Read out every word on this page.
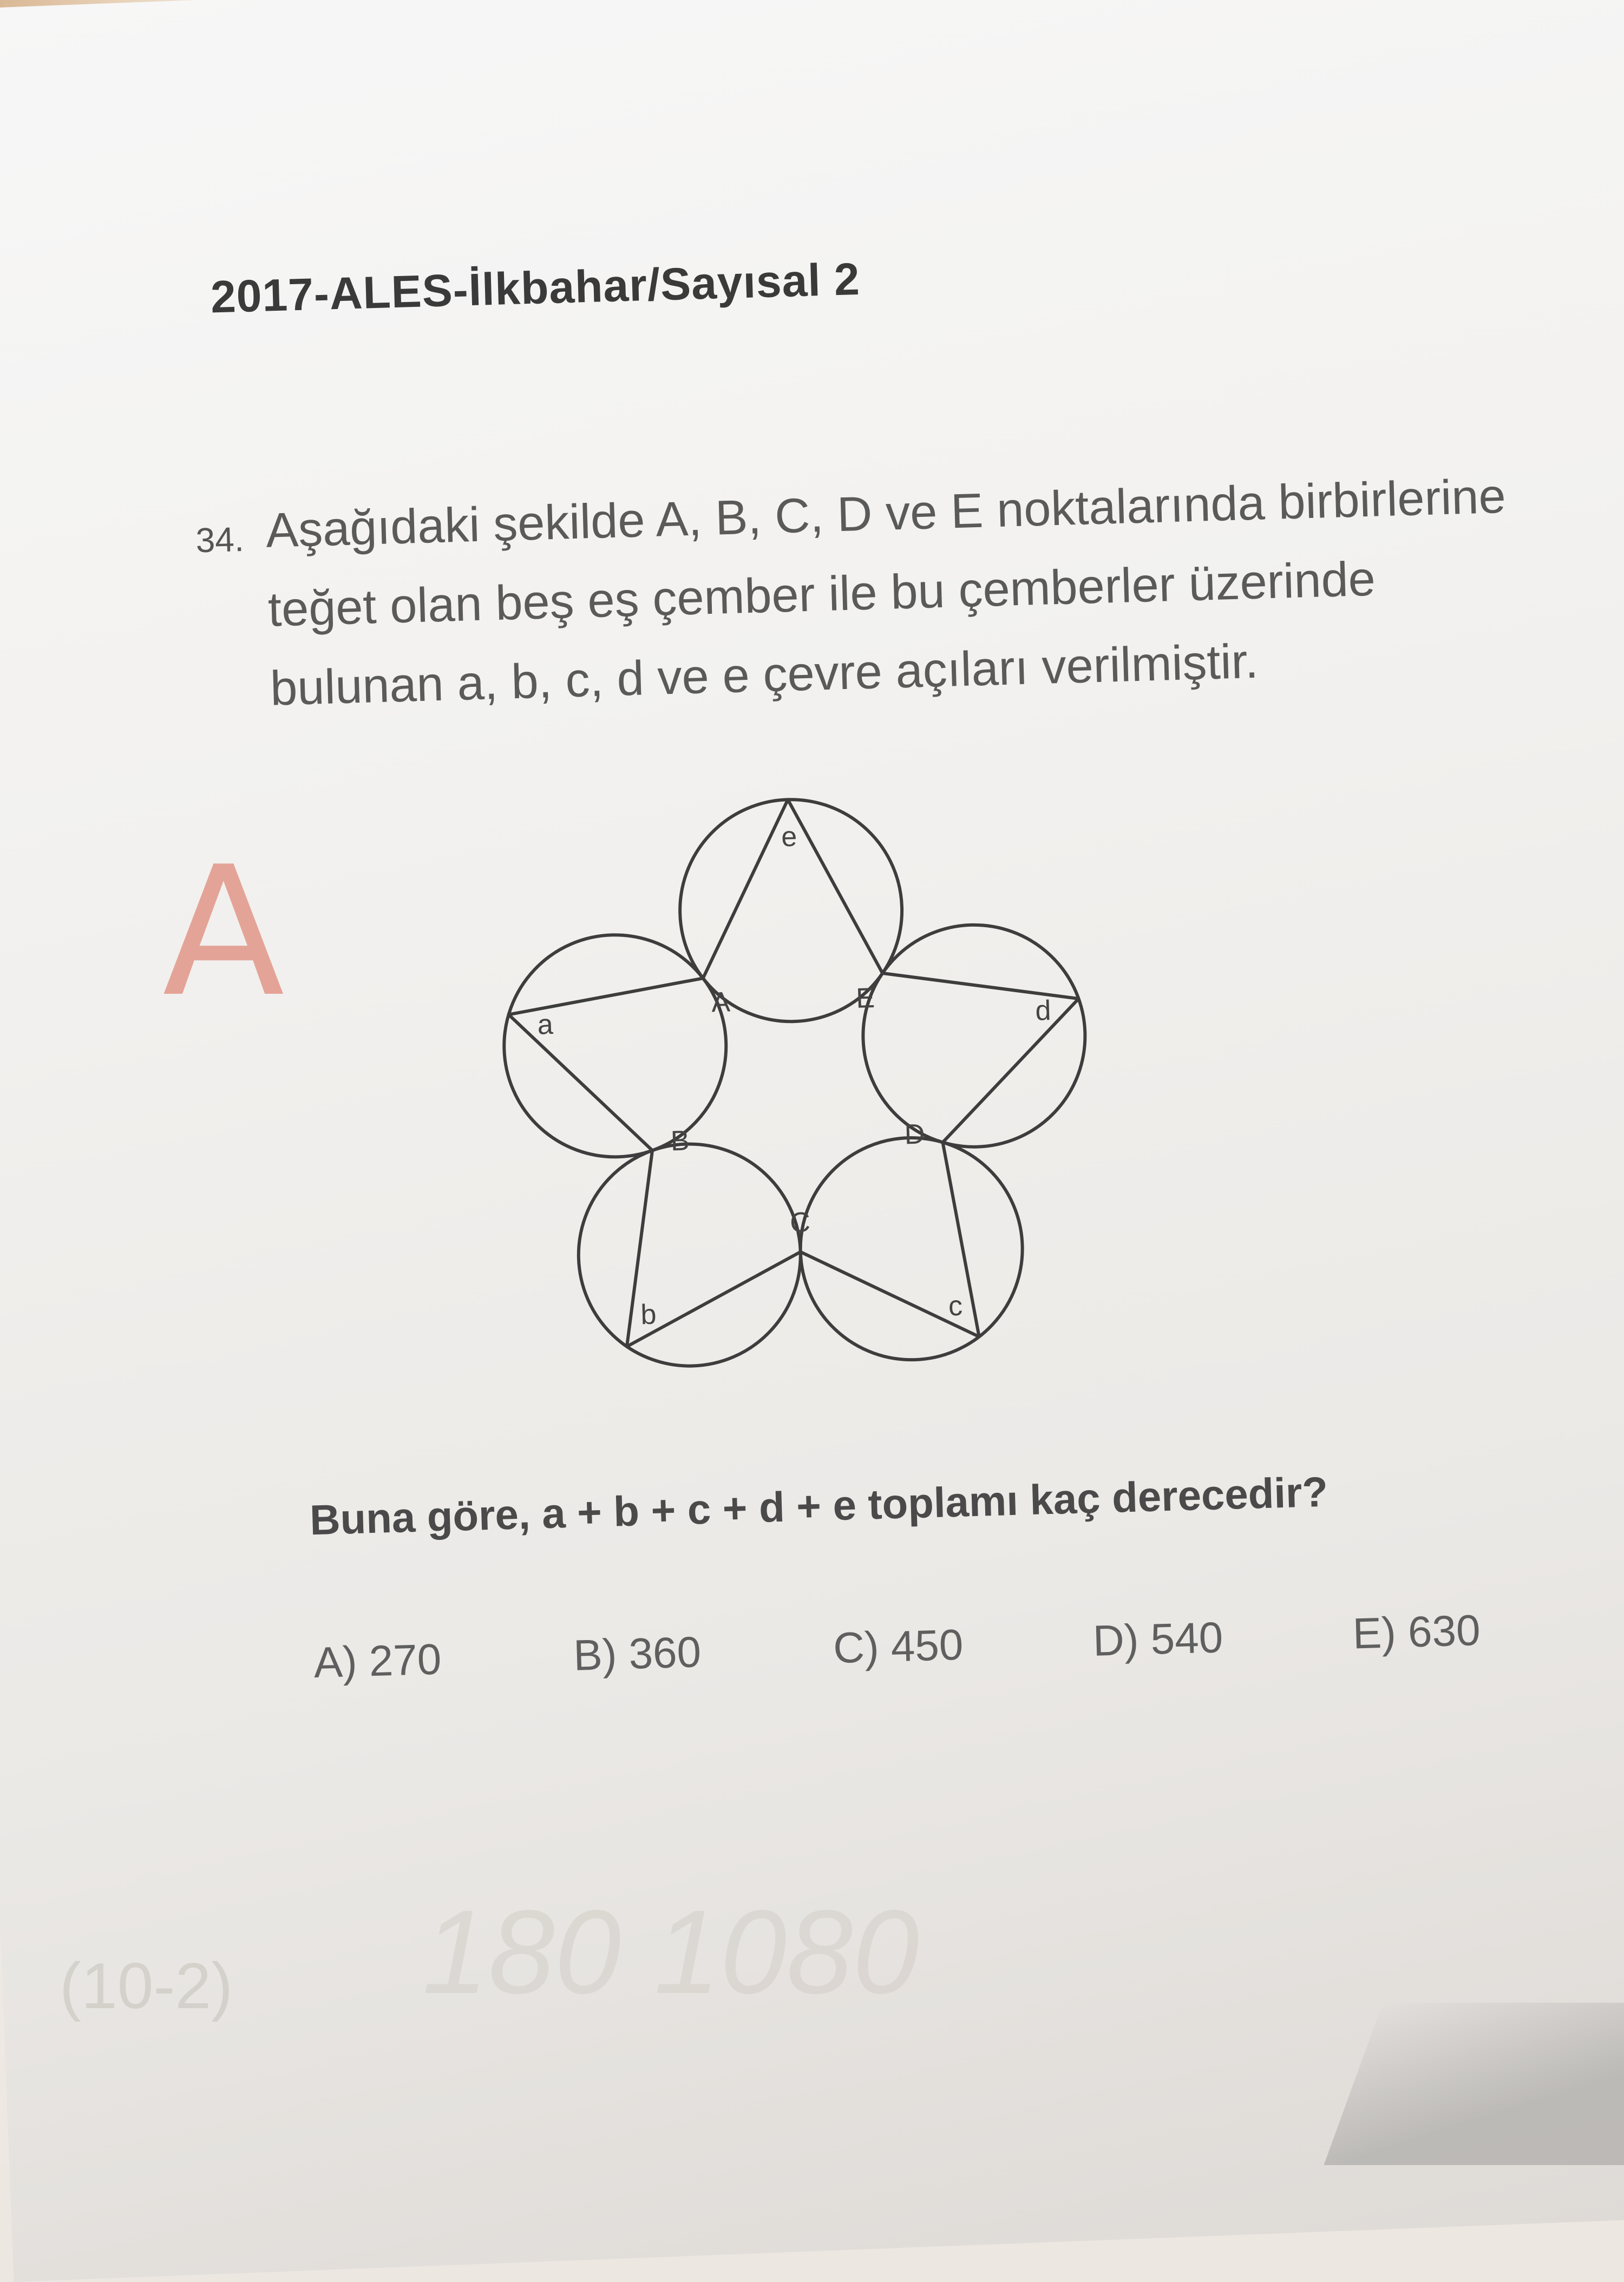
2017-ALES-İlkbahar/Sayısal 2
34. Aşağıdaki şekilde A, B, C, D ve E noktalarında birbirlerine teğet olan beş eş çember ile bu çemberler üzerinde bulunan a, b, c, d ve e çevre açıları verilmiştir.
A
B
C
D
E
a
b	c
d
e
Buna göre, a + b + c + d + e toplamı kaç derecedir?
A) 270	B) 360	C) 450	D) 540	E) 630
A
(10-2) 180 1080
